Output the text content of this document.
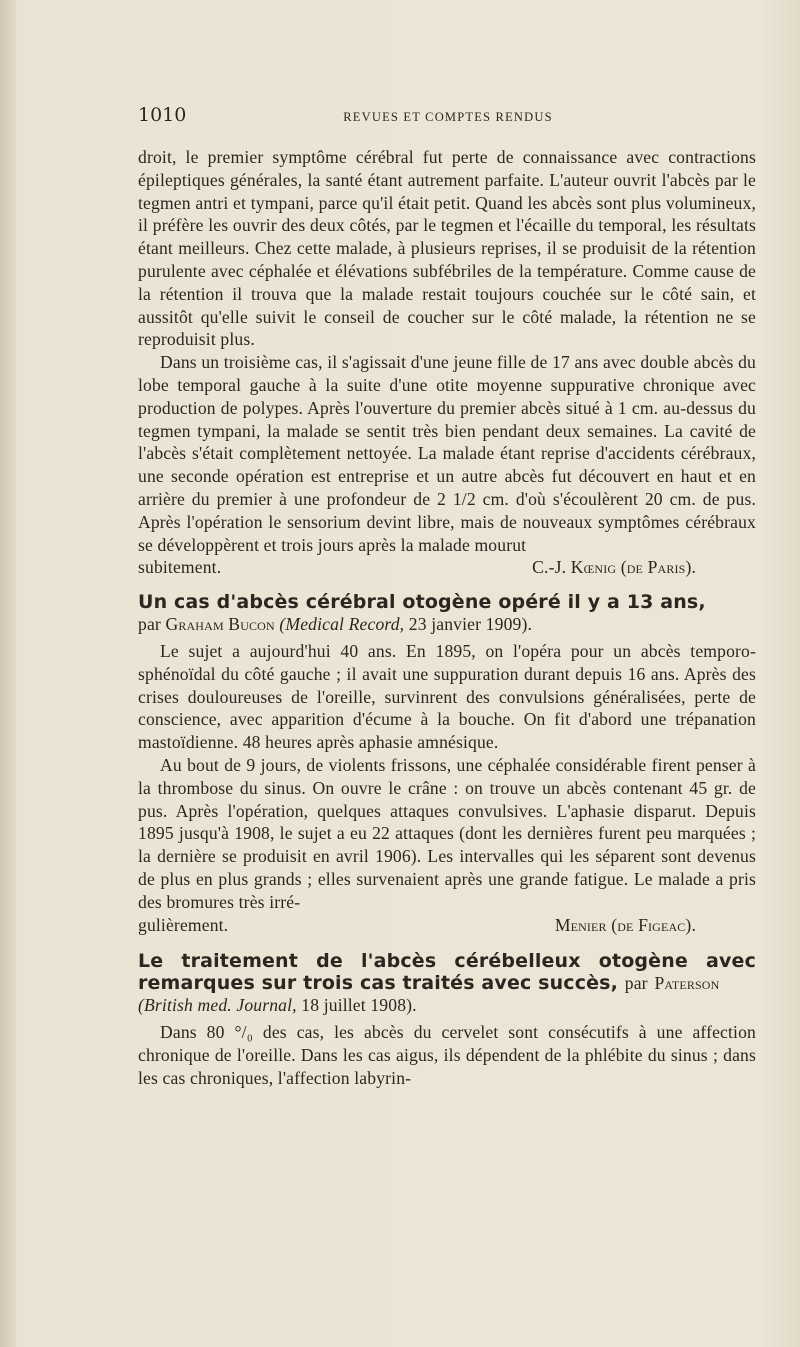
1010	REVUES ET COMPTES RENDUS

droit, le premier symptôme cérébral fut perte de connaissance avec contractions épileptiques générales, la santé étant autrement parfaite. L'auteur ouvrit l'abcès par le tegmen antri et tympani, parce qu'il était petit. Quand les abcès sont plus volumineux, il préfère les ouvrir des deux côtés, par le tegmen et l'écaille du temporal, les résultats étant meilleurs. Chez cette malade, à plusieurs reprises, il se produisit de la rétention purulente avec céphalée et élévations subfébriles de la température. Comme cause de la rétention il trouva que la malade restait toujours couchée sur le côté sain, et aussitôt qu'elle suivit le conseil de coucher sur le côté malade, la rétention ne se reproduisit plus.

Dans un troisième cas, il s'agissait d'une jeune fille de 17 ans avec double abcès du lobe temporal gauche à la suite d'une otite moyenne suppurative chronique avec production de polypes. Après l'ouverture du premier abcès situé à 1 cm. au-dessus du tegmen tympani, la malade se sentit très bien pendant deux semaines. La cavité de l'abcès s'était complètement nettoyée. La malade étant reprise d'accidents cérébraux, une seconde opération est entreprise et un autre abcès fut découvert en haut et en arrière du premier à une profondeur de 2 1/2 cm. d'où s'écoulèrent 20 cm. de pus. Après l'opération le sensorium devint libre, mais de nouveaux symptômes cérébraux se développèrent et trois jours après la malade mourut

subitement.	C.-J. Kœnig (de Paris).

Un cas d'abcès cérébral otogène opéré il y a 13 ans,

par Graham Bucon (Medical Record, 23 janvier 1909).

Le sujet a aujourd'hui 40 ans. En 1895, on l'opéra pour un abcès temporo-sphénoïdal du côté gauche ; il avait une suppuration durant depuis 16 ans. Après des crises douloureuses de l'oreille, survinrent des convulsions généralisées, perte de conscience, avec apparition d'écume à la bouche. On fit d'abord une trépanation mastoïdienne. 48 heures après aphasie amnésique.

Au bout de 9 jours, de violents frissons, une céphalée considérable firent penser à la thrombose du sinus. On ouvre le crâne : on trouve un abcès contenant 45 gr. de pus. Après l'opération, quelques attaques convulsives. L'aphasie disparut. Depuis 1895 jusqu'à 1908, le sujet a eu 22 attaques (dont les dernières furent peu marquées ; la dernière se produisit en avril 1906). Les intervalles qui les séparent sont devenus de plus en plus grands ; elles survenaient après une grande fatigue. Le malade a pris des bromures très irré-

gulièrement.	Menier (de Figeac).

Le traitement de l'abcès cérébelleux otogène avec remarques sur trois cas traités avec succès, par Paterson

(British med. Journal, 18 juillet 1908).

Dans 80 °/₀ des cas, les abcès du cervelet sont consécutifs à une affection chronique de l'oreille. Dans les cas aigus, ils dépendent de la phlébite du sinus ; dans les cas chroniques, l'affection labyrin-
